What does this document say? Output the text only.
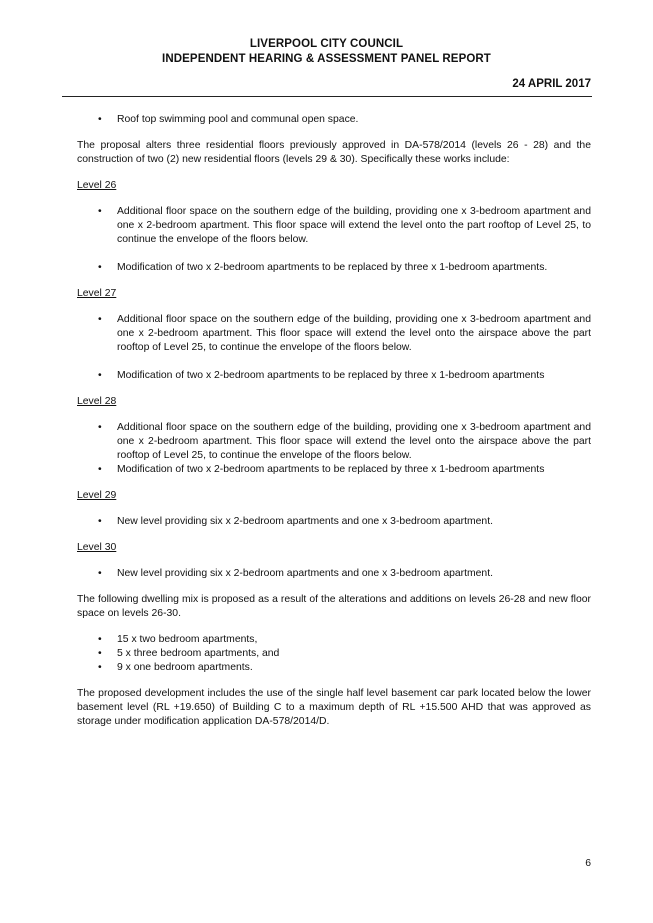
LIVERPOOL CITY COUNCIL
INDEPENDENT HEARING & ASSESSMENT PANEL REPORT
24 APRIL 2017
• Roof top swimming pool and communal open space.

The proposal alters three residential floors previously approved in DA-578/2014 (levels 26 - 28) and the construction of two (2) new residential floors (levels 29 & 30). Specifically these works include:

Level 26
• Additional floor space on the southern edge of the building, providing one x 3-bedroom apartment and one x 2-bedroom apartment. This floor space will extend the level onto the part rooftop of Level 25, to continue the envelope of the floors below.
• Modification of two x 2-bedroom apartments to be replaced by three x 1-bedroom apartments.
Level 27
• Additional floor space on the southern edge of the building, providing one x 3-bedroom apartment and one x 2-bedroom apartment. This floor space will extend the level onto the airspace above the part rooftop of Level 25, to continue the envelope of the floors below.
• Modification of two x 2-bedroom apartments to be replaced by three x 1-bedroom apartments
Level 28
• Additional floor space on the southern edge of the building, providing one x 3-bedroom apartment and one x 2-bedroom apartment. This floor space will extend the level onto the airspace above the part rooftop of Level 25, to continue the envelope of the floors below.
• Modification of two x 2-bedroom apartments to be replaced by three x 1-bedroom apartments
Level 29
• New level providing six x 2-bedroom apartments and one x 3-bedroom apartment.
Level 30
• New level providing six x 2-bedroom apartments and one x 3-bedroom apartment.

The following dwelling mix is proposed as a result of the alterations and additions on levels 26-28 and new floor space on levels 26-30.

• 15 x two bedroom apartments,
• 5 x three bedroom apartments, and
• 9 x one bedroom apartments.

The proposed development includes the use of the single half level basement car park located below the lower basement level (RL +19.650) of Building C to a maximum depth of RL +15.500 AHD that was approved as storage under modification application DA-578/2014/D.

6
